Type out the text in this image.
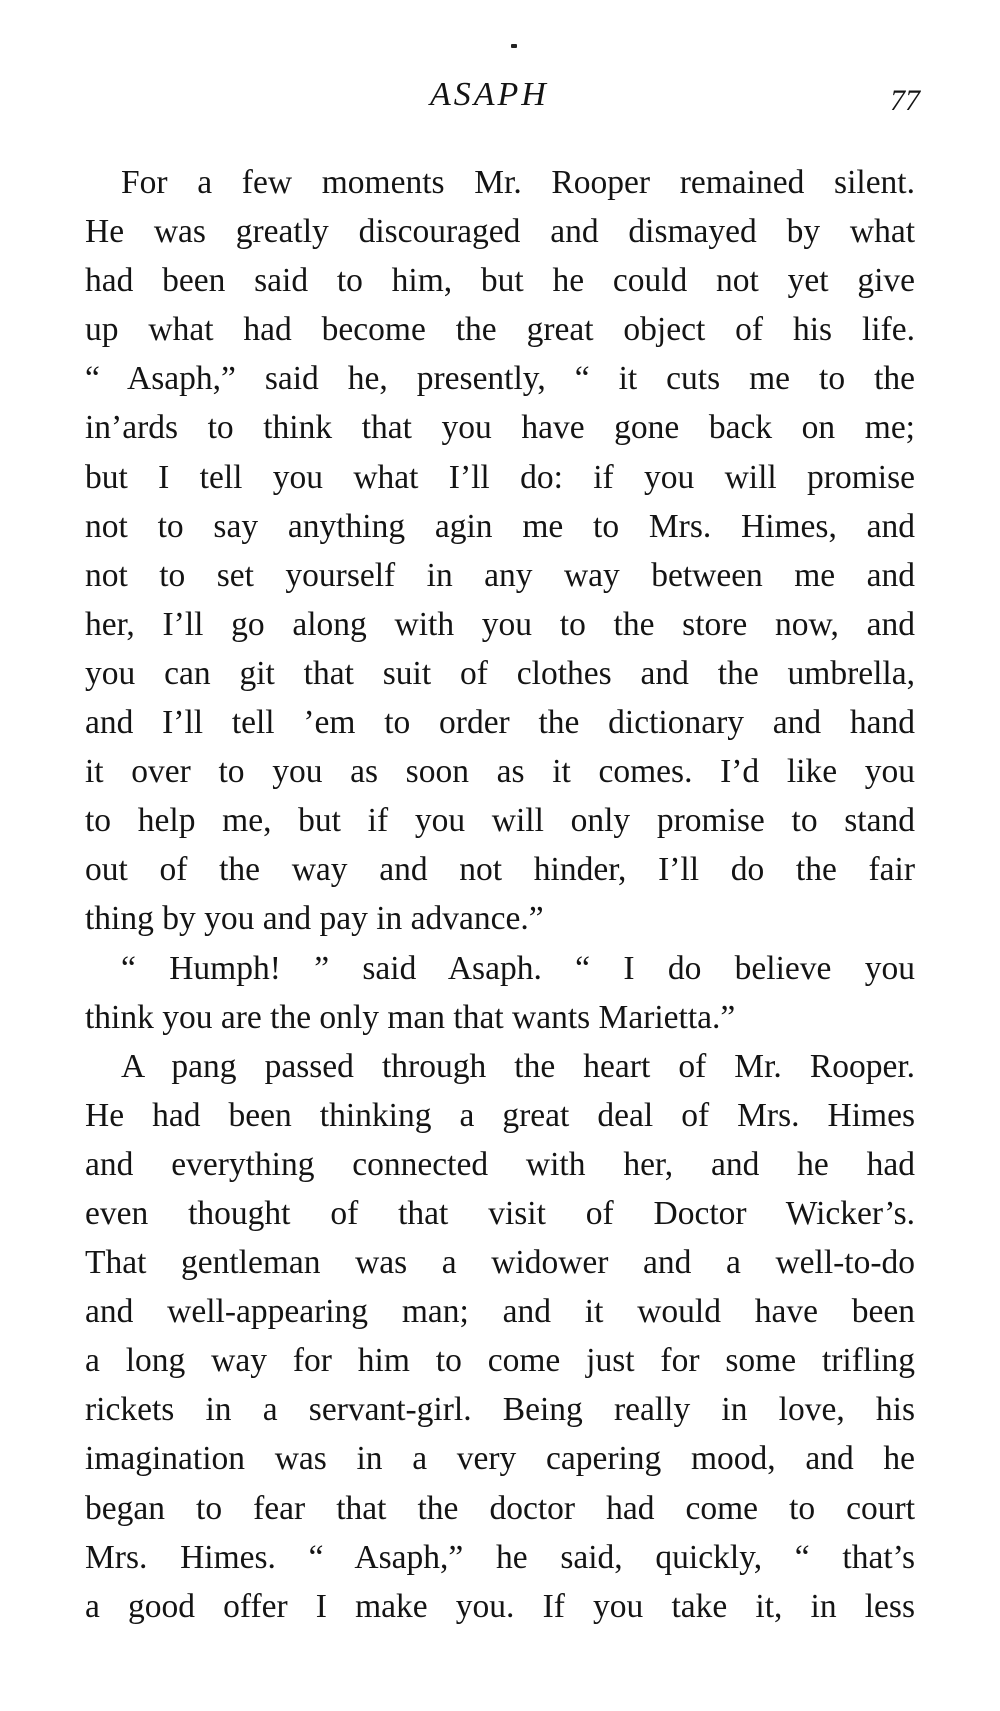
ASAPH	77
For a few moments Mr. Rooper remained silent.
He was greatly discouraged and dismayed by what
had been said to him, but he could not yet give
up what had become the great object of his life.
“ Asaph,” said he, presently, “ it cuts me to the
in’ards to think that you have gone back on me;
but I tell you what I’ll do: if you will promise
not to say anything agin me to Mrs. Himes, and
not to set yourself in any way between me and
her, I’ll go along with you to the store now, and
you can git that suit of clothes and the umbrella,
and I’ll tell ’em to order the dictionary and hand
it over to you as soon as it comes. I’d like you
to help me, but if you will only promise to stand
out of the way and not hinder, I’ll do the fair
thing by you and pay in advance.”
“ Humph! ” said Asaph. “ I do believe you
think you are the only man that wants Marietta.”
A pang passed through the heart of Mr. Rooper.
He had been thinking a great deal of Mrs. Himes
and everything connected with her, and he had
even thought of that visit of Doctor Wicker’s.
That gentleman was a widower and a well-to-do
and well-appearing man; and it would have been
a long way for him to come just for some trifling
rickets in a servant-girl. Being really in love, his
imagination was in a very capering mood, and he
began to fear that the doctor had come to court
Mrs. Himes. “ Asaph,” he said, quickly, “ that’s
a good offer I make you. If you take it, in less
